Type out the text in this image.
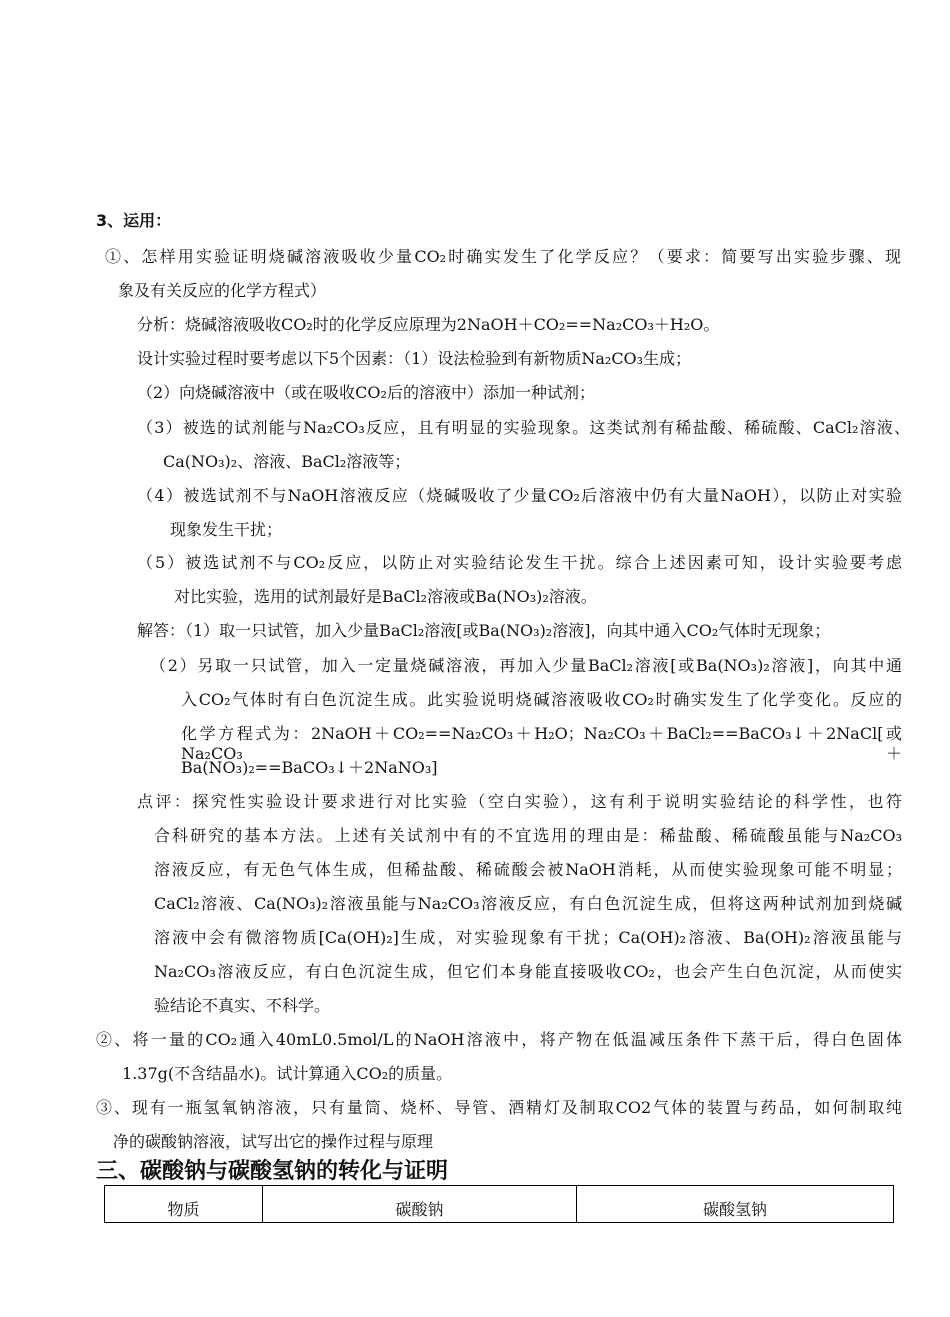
3、运用：
①、怎样用实验证明烧碱溶液吸收少量CO₂时确实发生了化学反应？（要求：简要写出实验步骤、现
象及有关反应的化学方程式）
分析：烧碱溶液吸收CO₂时的化学反应原理为2NaOH＋CO₂==Na₂CO₃＋H₂O。
设计实验过程时要考虑以下5个因素：（1）设法检验到有新物质Na₂CO₃生成；
（2）向烧碱溶液中（或在吸收CO₂后的溶液中）添加一种试剂；
（3）被选的试剂能与Na₂CO₃反应，且有明显的实验现象。这类试剂有稀盐酸、稀硫酸、CaCl₂溶液、
Ca(NO₃)₂、溶液、BaCl₂溶液等；
（4）被选试剂不与NaOH溶液反应（烧碱吸收了少量CO₂后溶液中仍有大量NaOH），以防止对实验
现象发生干扰；
（5）被选试剂不与CO₂反应，以防止对实验结论发生干扰。综合上述因素可知，设计实验要考虑
对比实验，选用的试剂最好是BaCl₂溶液或Ba(NO₃)₂溶液。
解答：（1）取一只试管，加入少量BaCl₂溶液[或Ba(NO₃)₂溶液]，向其中通入CO₂气体时无现象；
（2）另取一只试管，加入一定量烧碱溶液，再加入少量BaCl₂溶液[或Ba(NO₃)₂溶液]，向其中通
入CO₂气体时有白色沉淀生成。此实验说明烧碱溶液吸收CO₂时确实发生了化学变化。反应的
化学方程式为：2NaOH＋CO₂==Na₂CO₃＋H₂O；Na₂CO₃＋BaCl₂==BaCO₃↓＋2NaCl[或Na₂CO₃＋
Ba(NO₃)₂==BaCO₃↓＋2NaNO₃]
点评：探究性实验设计要求进行对比实验（空白实验），这有利于说明实验结论的科学性，也符
合科研究的基本方法。上述有关试剂中有的不宜选用的理由是：稀盐酸、稀硫酸虽能与Na₂CO₃
溶液反应，有无色气体生成，但稀盐酸、稀硫酸会被NaOH消耗，从而使实验现象可能不明显；
CaCl₂溶液、Ca(NO₃)₂溶液虽能与Na₂CO₃溶液反应，有白色沉淀生成，但将这两种试剂加到烧碱
溶液中会有微溶物质[Ca(OH)₂]生成，对实验现象有干扰；Ca(OH)₂溶液、Ba(OH)₂溶液虽能与
Na₂CO₃溶液反应，有白色沉淀生成，但它们本身能直接吸收CO₂，也会产生白色沉淀，从而使实
验结论不真实、不科学。
②、将一量的CO₂通入40mL0.5mol/L的NaOH溶液中，将产物在低温减压条件下蒸干后，得白色固体
1.37g(不含结晶水)。试计算通入CO₂的质量。
③、现有一瓶氢氧钠溶液，只有量筒、烧杯、导管、酒精灯及制取CO2气体的装置与药品，如何制取纯
净的碳酸钠溶液，试写出它的操作过程与原理
三、碳酸钠与碳酸氢钠的转化与证明
物质	碳酸钠	碳酸氢钠
